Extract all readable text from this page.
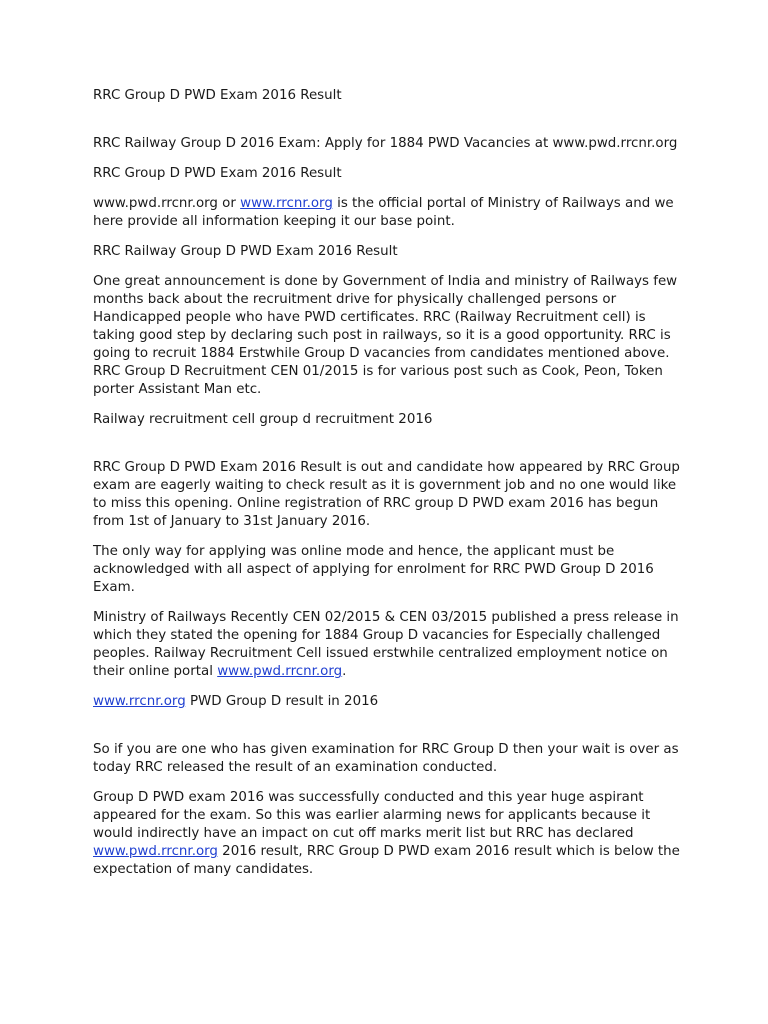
RRC Group D PWD Exam 2016 Result

RRC Railway Group D 2016 Exam: Apply for 1884 PWD Vacancies at www.pwd.rrcnr.org

RRC Group D PWD Exam 2016 Result

www.pwd.rrcnr.org or www.rrcnr.org is the official portal of Ministry of Railways and we here provide all information keeping it our base point.

RRC Railway Group D PWD Exam 2016 Result

One great announcement is done by Government of India and ministry of Railways few months back about the recruitment drive for physically challenged persons or Handicapped people who have PWD certificates. RRC (Railway Recruitment cell) is taking good step by declaring such post in railways, so it is a good opportunity. RRC is going to recruit 1884 Erstwhile Group D vacancies from candidates mentioned above. RRC Group D Recruitment CEN 01/2015 is for various post such as Cook, Peon, Token porter Assistant Man etc.

Railway recruitment cell group d recruitment 2016

RRC Group D PWD Exam 2016 Result is out and candidate how appeared by RRC Group exam are eagerly waiting to check result as it is government job and no one would like to miss this opening. Online registration of RRC group D PWD exam 2016 has begun from 1st of January to 31st January 2016.

The only way for applying was online mode and hence, the applicant must be acknowledged with all aspect of applying for enrolment for RRC PWD Group D 2016 Exam.

Ministry of Railways Recently CEN 02/2015 & CEN 03/2015 published a press release in which they stated the opening for 1884 Group D vacancies for Especially challenged peoples. Railway Recruitment Cell issued erstwhile centralized employment notice on their online portal www.pwd.rrcnr.org.

www.rrcnr.org PWD Group D result in 2016

So if you are one who has given examination for RRC Group D then your wait is over as today RRC released the result of an examination conducted.

Group D PWD exam 2016 was successfully conducted and this year huge aspirant appeared for the exam. So this was earlier alarming news for applicants because it would indirectly have an impact on cut off marks merit list but RRC has declared www.pwd.rrcnr.org 2016 result, RRC Group D PWD exam 2016 result which is below the expectation of many candidates.
